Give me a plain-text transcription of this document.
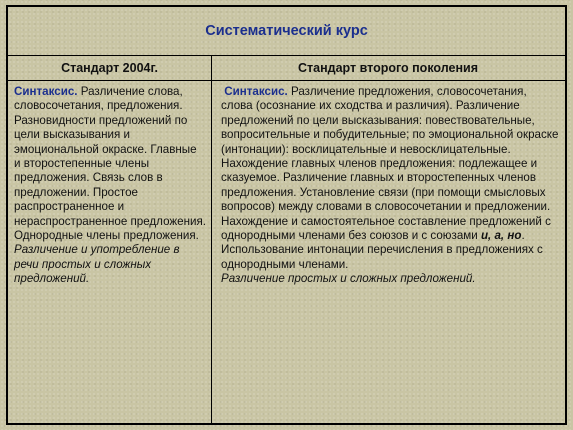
Систематический курс
Стандарт 2004г.	Стандарт второго поколения
Синтаксис. Различение слова, словосочетания, предложения. Разновидности предложений по цели высказывания и эмоциональной окраске. Главные и второстепенные члены предложения. Связь слов в предложении. Простое распространенное и нераспространенное предложения. Однородные члены предложения.
Различение и употребление в речи простых и сложных предложений.
Синтаксис. Различение предложения, словосочетания, слова (осознание их сходства и различия). Различение предложений по цели высказывания: повествовательные, вопросительные и побудительные; по эмоциональной окраске (интонации): восклицательные и невосклицательные. Нахождение главных членов предложения: подлежащее и сказуемое. Различение главных и второстепенных членов предложения. Установление связи (при помощи смысловых вопросов) между словами в словосочетании и предложении. Нахождение и самостоятельное составление предложений с однородными членами без союзов и с союзами и, а, но. Использование интонации перечисления в предложениях с однородными членами.
Различение простых и сложных предложений.
